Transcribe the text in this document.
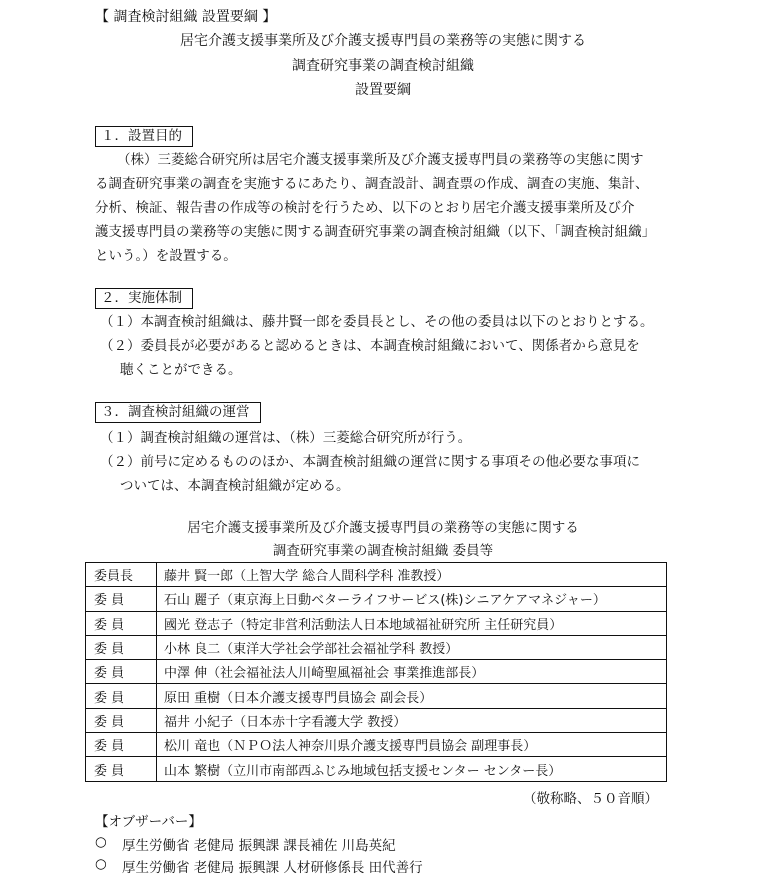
【 調査検討組織 設置要綱 】
居宅介護支援事業所及び介護支援専門員の業務等の実態に関する
調査研究事業の調査検討組織
設置要綱
１．設置目的
（株）三菱総合研究所は居宅介護支援事業所及び介護支援専門員の業務等の実態に関す
る調査研究事業の調査を実施するにあたり、調査設計、調査票の作成、調査の実施、集計、
分析、検証、報告書の作成等の検討を行うため、以下のとおり居宅介護支援事業所及び介
護支援専門員の業務等の実態に関する調査研究事業の調査検討組織（以下、「調査検討組織」
という。）を設置する。
２．実施体制
（１）本調査検討組織は、藤井賢一郎を委員長とし、その他の委員は以下のとおりとする。
（２）委員長が必要があると認めるときは、本調査検討組織において、関係者から意見を
聴くことができる。
３．調査検討組織の運営
（１）調査検討組織の運営は、（株）三菱総合研究所が行う。
（２）前号に定めるもののほか、本調査検討組織の運営に関する事項その他必要な事項に
ついては、本調査検討組織が定める。
居宅介護支援事業所及び介護支援専門員の業務等の実態に関する
調査研究事業の調査検討組織 委員等
委員長	藤井 賢一郎（上智大学 総合人間科学科 准教授）
委 員	石山 麗子（東京海上日動ベターライフサービス(株)シニアケアマネジャー）
委 員	國光 登志子（特定非営利活動法人日本地域福祉研究所 主任研究員）
委 員	小林 良二（東洋大学社会学部社会福祉学科 教授）
委 員	中澤 伸（社会福祉法人川崎聖風福祉会 事業推進部長）
委 員	原田 重樹（日本介護支援専門員協会 副会長）
委 員	福井 小紀子（日本赤十字看護大学 教授）
委 員	松川 竜也（ＮＰＯ法人神奈川県介護支援専門員協会 副理事長）
委 員	山本 繁樹（立川市南部西ふじみ地域包括支援センター センター長）
（敬称略、５０音順）
【オブザーバー】
○ 厚生労働省 老健局 振興課 課長補佐 川島英紀
○ 厚生労働省 老健局 振興課 人材研修係長 田代善行
